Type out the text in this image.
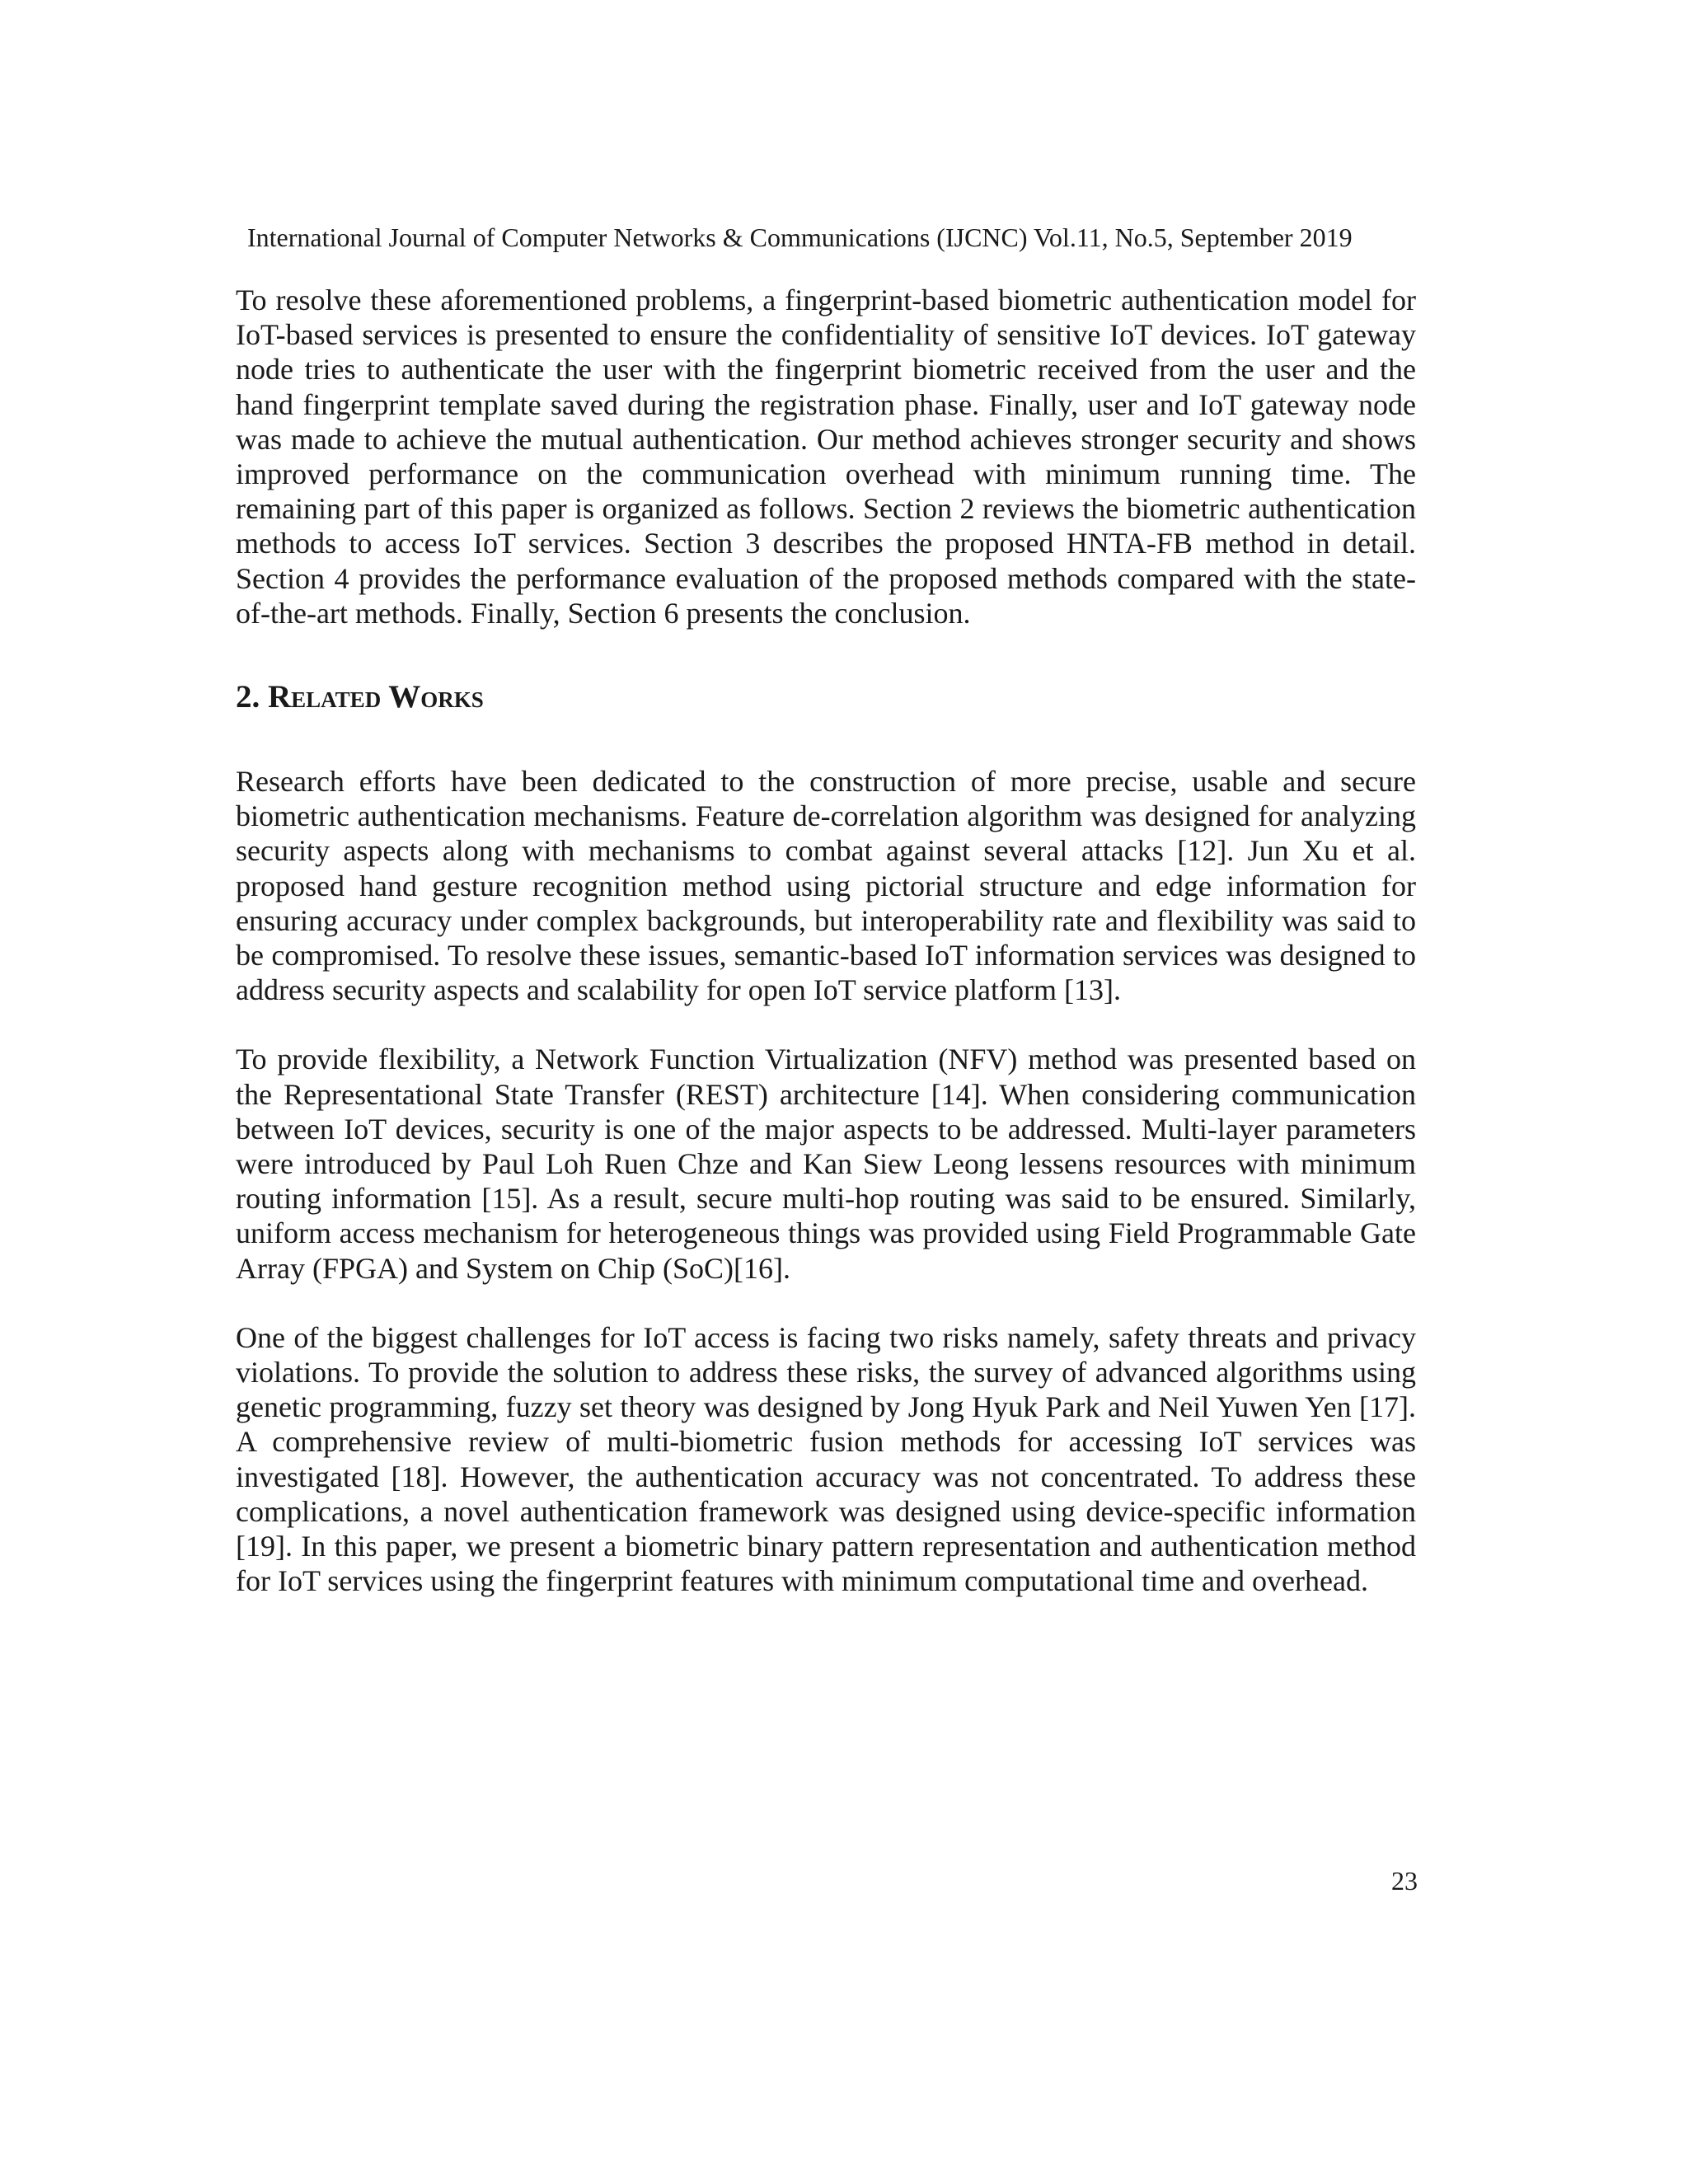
International Journal of Computer Networks & Communications (IJCNC) Vol.11, No.5, September 2019

To resolve these aforementioned problems, a fingerprint-based biometric authentication model for IoT-based services is presented to ensure the confidentiality of sensitive IoT devices. IoT gateway node tries to authenticate the user with the fingerprint biometric received from the user and the hand fingerprint template saved during the registration phase. Finally, user and IoT gateway node was made to achieve the mutual authentication. Our method achieves stronger security and shows improved performance on the communication overhead with minimum running time. The remaining part of this paper is organized as follows. Section 2 reviews the biometric authentication methods to access IoT services. Section 3 describes the proposed HNTA-FB method in detail. Section 4 provides the performance evaluation of the proposed methods compared with the state-of-the-art methods. Finally, Section 6 presents the conclusion.

2. Related Works

Research efforts have been dedicated to the construction of more precise, usable and secure biometric authentication mechanisms. Feature de-correlation algorithm was designed for analyzing security aspects along with mechanisms to combat against several attacks [12]. Jun Xu et al. proposed hand gesture recognition method using pictorial structure and edge information for ensuring accuracy under complex backgrounds, but interoperability rate and flexibility was said to be compromised. To resolve these issues, semantic-based IoT information services was designed to address security aspects and scalability for open IoT service platform [13].

To provide flexibility, a Network Function Virtualization (NFV) method was presented based on the Representational State Transfer (REST) architecture [14]. When considering communication between IoT devices, security is one of the major aspects to be addressed. Multi-layer parameters were introduced by Paul Loh Ruen Chze and Kan Siew Leong lessens resources with minimum routing information [15]. As a result, secure multi-hop routing was said to be ensured. Similarly, uniform access mechanism for heterogeneous things was provided using Field Programmable Gate Array (FPGA) and System on Chip (SoC)[16].

One of the biggest challenges for IoT access is facing two risks namely, safety threats and privacy violations. To provide the solution to address these risks, the survey of advanced algorithms using genetic programming, fuzzy set theory was designed by Jong Hyuk Park and Neil Yuwen Yen [17]. A comprehensive review of multi-biometric fusion methods for accessing IoT services was investigated [18]. However, the authentication accuracy was not concentrated. To address these complications, a novel authentication framework was designed using device-specific information [19]. In this paper, we present a biometric binary pattern representation and authentication method for IoT services using the fingerprint features with minimum computational time and overhead.

23
